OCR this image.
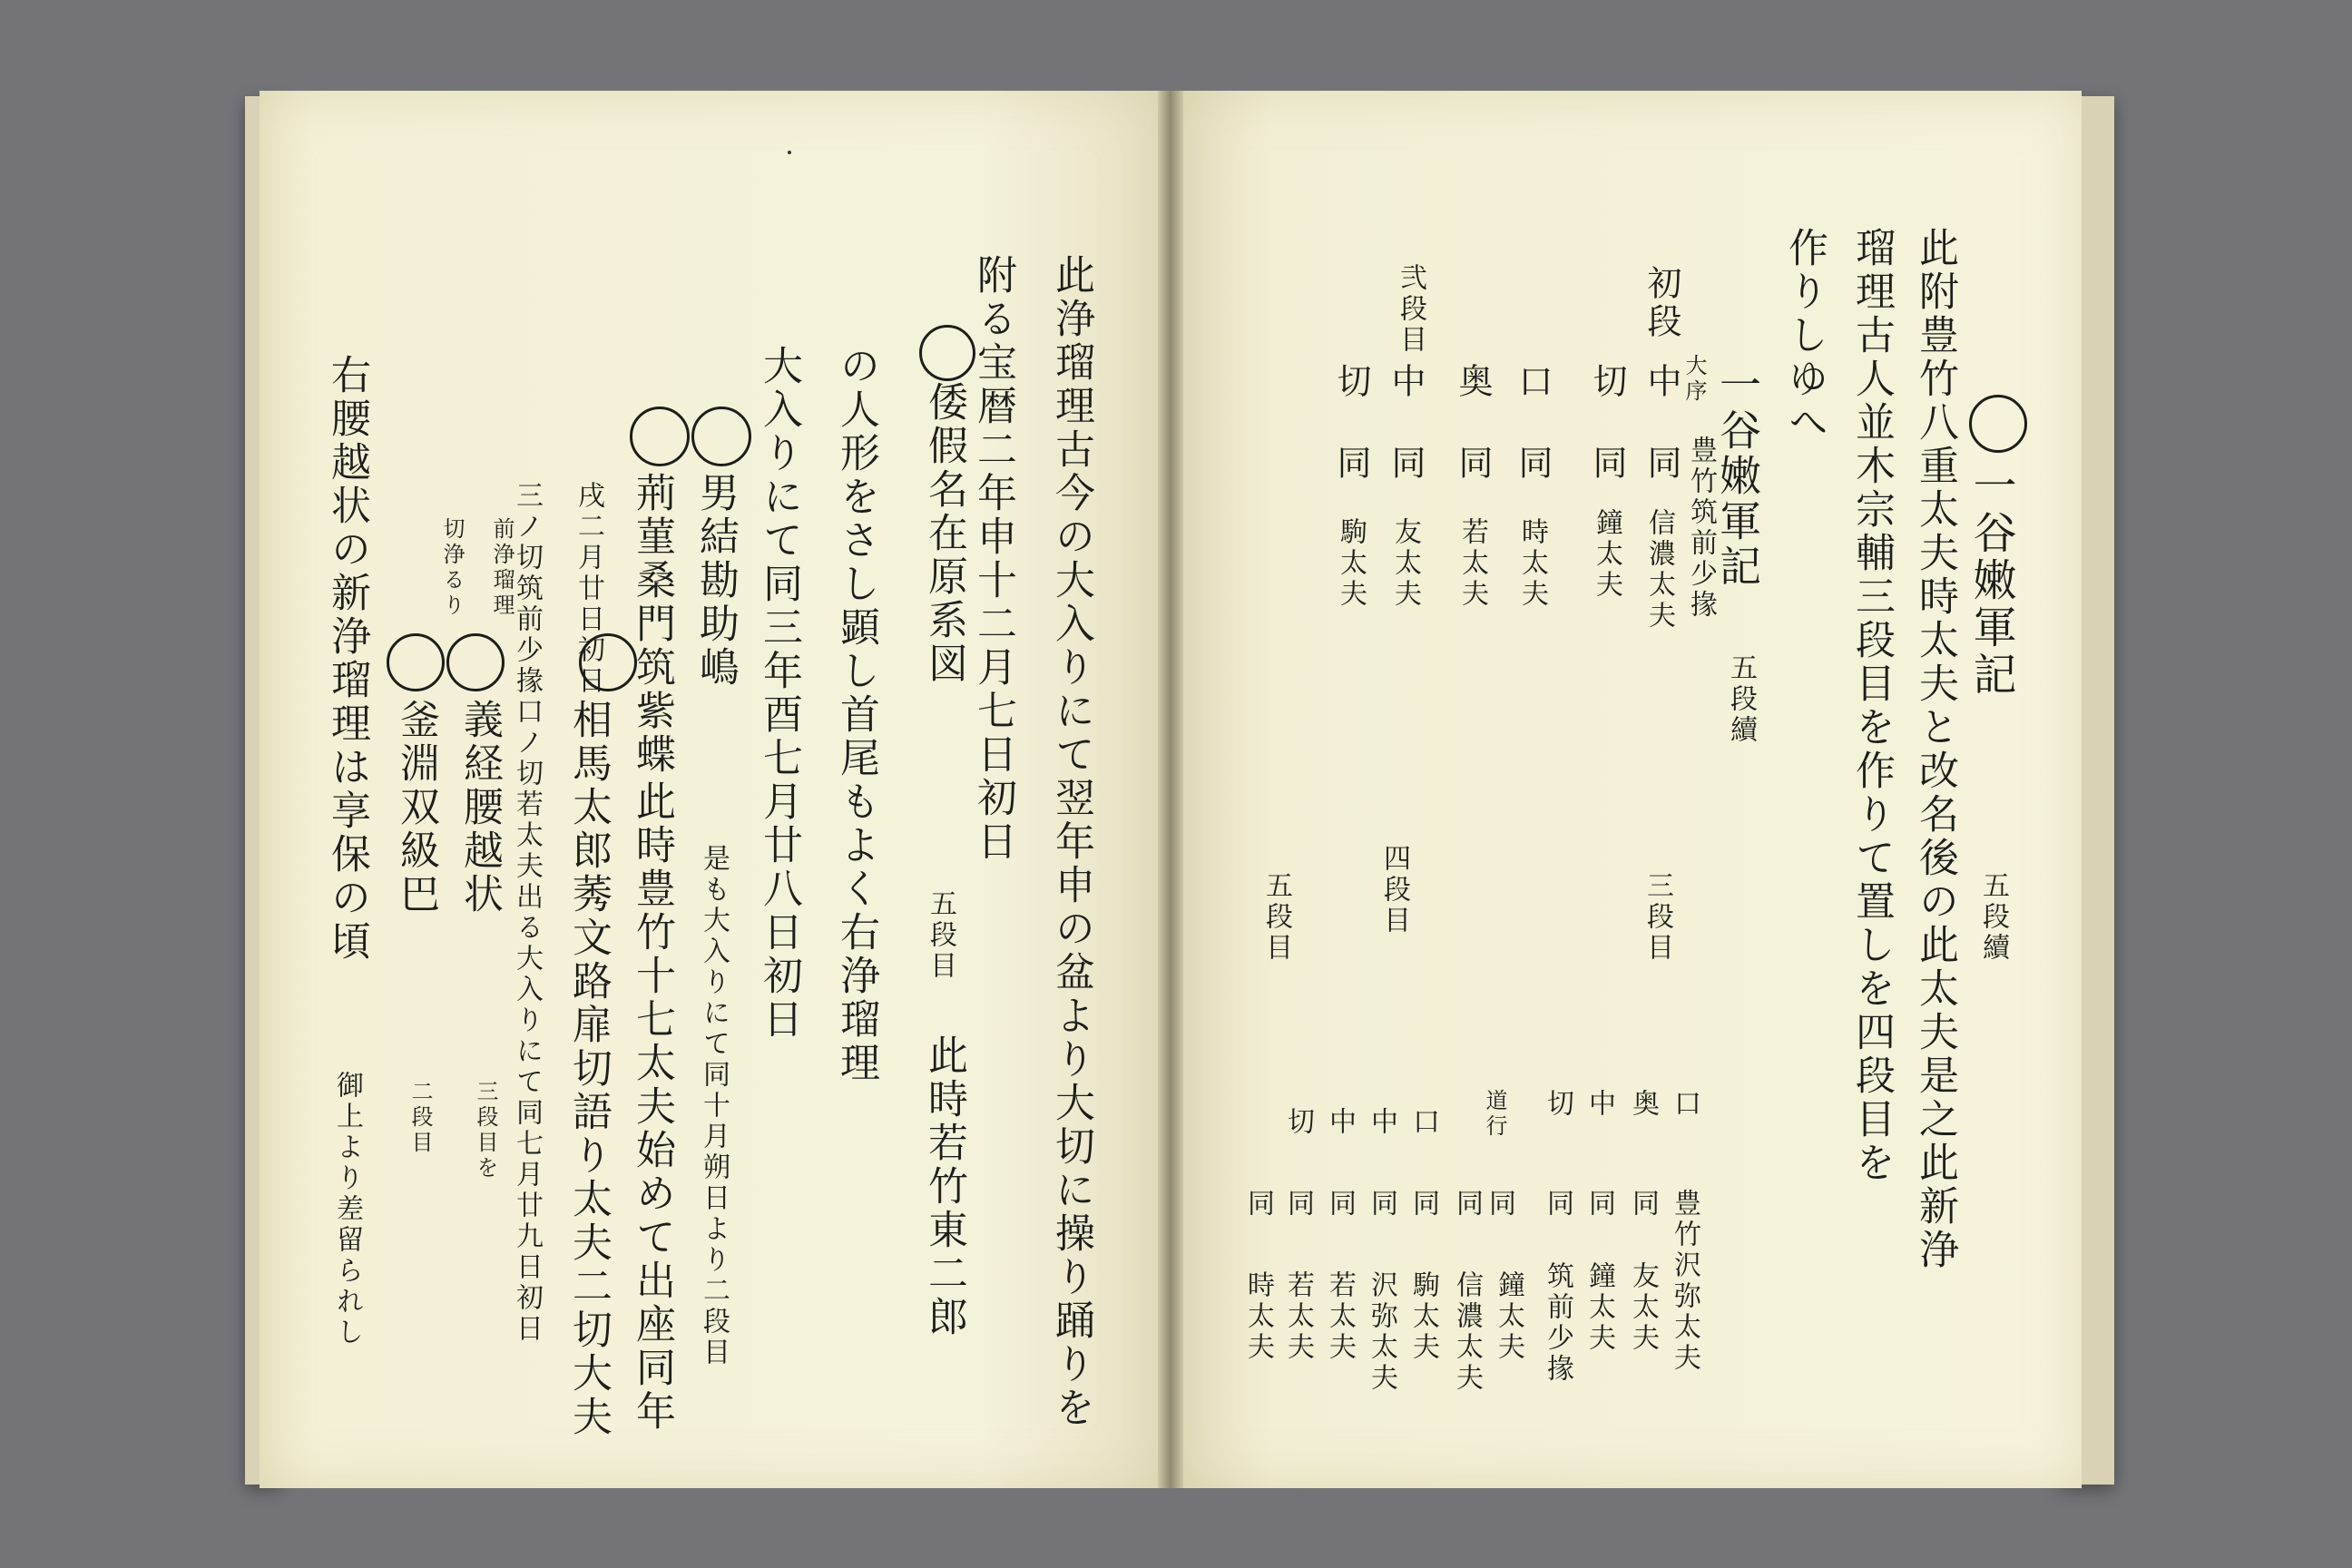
此浄瑠理古今の大入りにて翌年申の盆より大切に操り踊りを
附る宝暦二年申十二月七日初日
倭假名在原系図
五段目
此時若竹東二郎
の人形をさし顕し首尾もよく右浄瑠理
大入りにて同三年酉七月廿八日初日
男結勘助嶋
是も大入りにて同十月朔日より二段目
荊菫桑門筑紫蝶
此時豊竹十七太夫始めて出座同年
相馬太郎莠文路扉切語り太夫二切大夫
戌二月廿日初日
三ノ切筑前少掾口ノ切若太夫出る大入りにて同七月廿九日初日
前浄瑠理
義経腰越状
三段目を
切浄るり
釜淵双級巴
二段目
右腰越状の新浄瑠理は享保の頃
御上より差留られし
一谷嫩軍記
五段續
此附豊竹八重太夫時太夫と改名後の此太夫是之此新浄
瑠理古人並木宗輔三段目を作りて置しを四段目を
作りしゆへ
一谷嫩軍記
五段續
初段
大序
中
切
豊竹筑前少掾
同
同
信濃太夫
鐘太夫
口
同
時太夫
奥
同
若太夫
弐段目
中
同
友太夫
切
同
駒太夫
三段目
口
豊竹沢弥太夫
奥
同
友太夫
中
同
鐘太夫
切
同
筑前少掾
四段目
道行
同
鐘太夫
同
信濃太夫
口
同
駒太夫
中
同
沢弥太夫
中
同
若太夫
切
同
若太夫
五段目
同
時太夫
